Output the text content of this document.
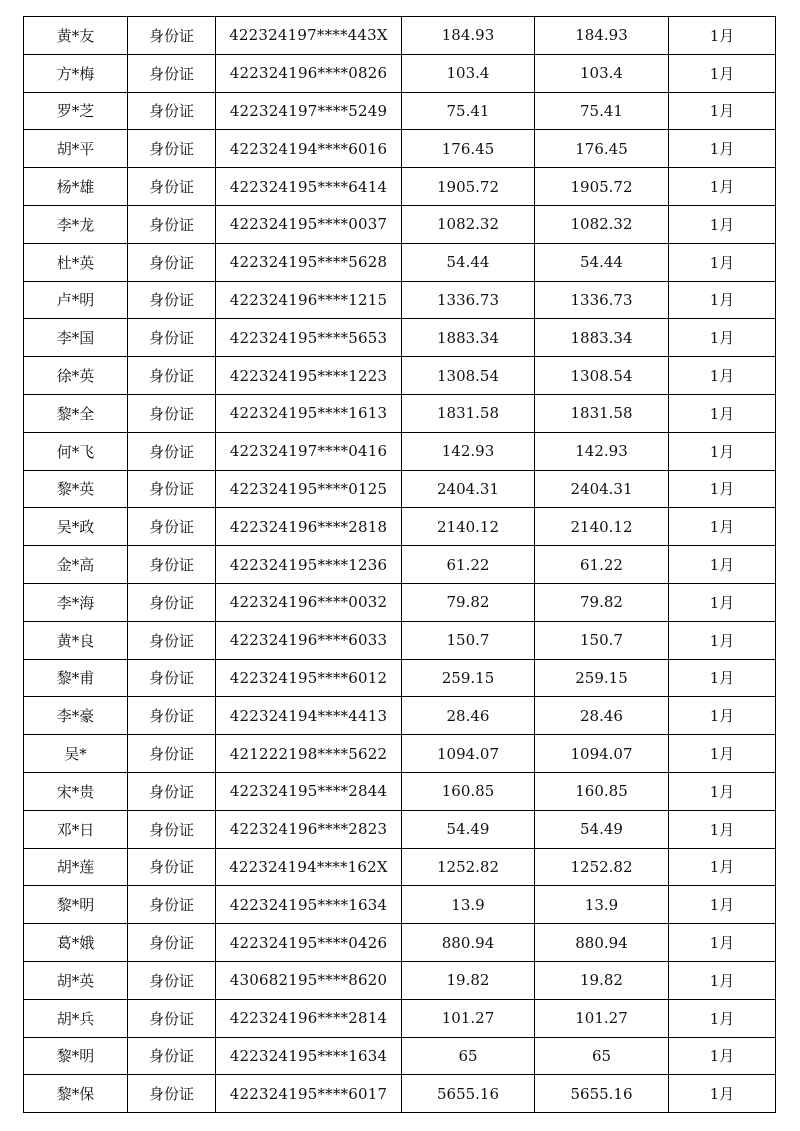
黄*友	身份证	422324197****443X	184.93	184.93	1月
方*梅	身份证	422324196****0826	103.4	103.4	1月
罗*芝	身份证	422324197****5249	75.41	75.41	1月
胡*平	身份证	422324194****6016	176.45	176.45	1月
杨*雄	身份证	422324195****6414	1905.72	1905.72	1月
李*龙	身份证	422324195****0037	1082.32	1082.32	1月
杜*英	身份证	422324195****5628	54.44	54.44	1月
卢*明	身份证	422324196****1215	1336.73	1336.73	1月
李*国	身份证	422324195****5653	1883.34	1883.34	1月
徐*英	身份证	422324195****1223	1308.54	1308.54	1月
黎*全	身份证	422324195****1613	1831.58	1831.58	1月
何*飞	身份证	422324197****0416	142.93	142.93	1月
黎*英	身份证	422324195****0125	2404.31	2404.31	1月
吴*政	身份证	422324196****2818	2140.12	2140.12	1月
金*高	身份证	422324195****1236	61.22	61.22	1月
李*海	身份证	422324196****0032	79.82	79.82	1月
黄*良	身份证	422324196****6033	150.7	150.7	1月
黎*甫	身份证	422324195****6012	259.15	259.15	1月
李*豪	身份证	422324194****4413	28.46	28.46	1月
吴*	身份证	421222198****5622	1094.07	1094.07	1月
宋*贵	身份证	422324195****2844	160.85	160.85	1月
邓*日	身份证	422324196****2823	54.49	54.49	1月
胡*莲	身份证	422324194****162X	1252.82	1252.82	1月
黎*明	身份证	422324195****1634	13.9	13.9	1月
葛*娥	身份证	422324195****0426	880.94	880.94	1月
胡*英	身份证	430682195****8620	19.82	19.82	1月
胡*兵	身份证	422324196****2814	101.27	101.27	1月
黎*明	身份证	422324195****1634	65	65	1月
黎*保	身份证	422324195****6017	5655.16	5655.16	1月
